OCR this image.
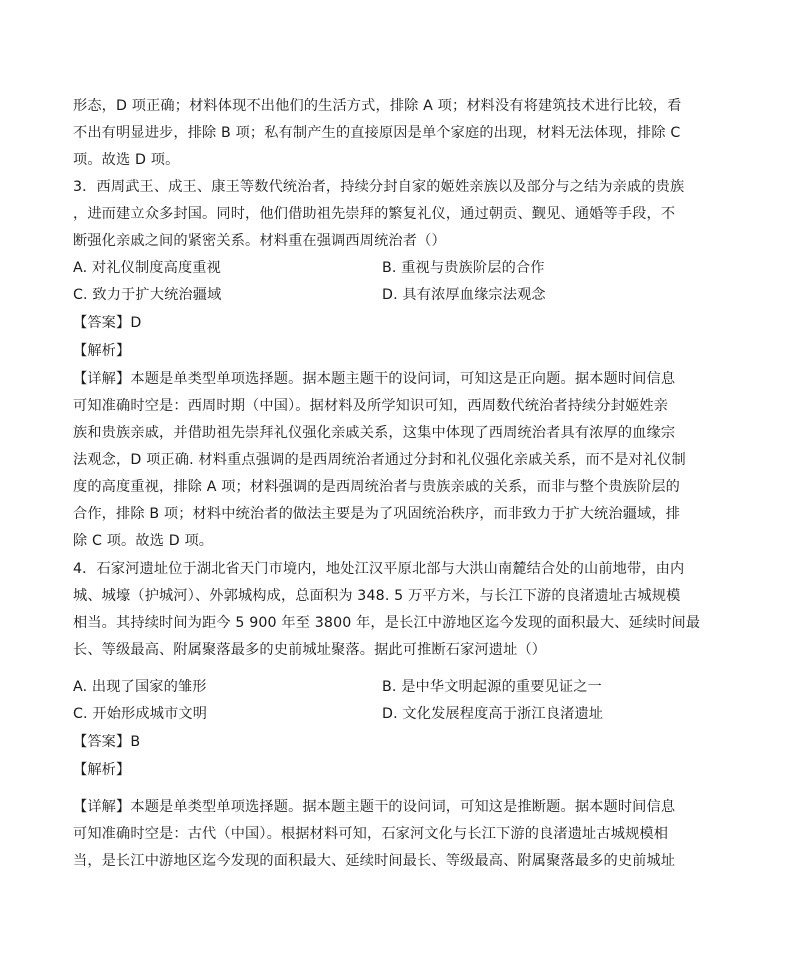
形态，D 项正确；材料体现不出他们的生活方式，排除 A 项；材料没有将建筑技术进行比较，看
不出有明显进步，排除 B 项；私有制产生的直接原因是单个家庭的出现，材料无法体现，排除 C
项。故选 D 项。
3．西周武王、成王、康王等数代统治者，持续分封自家的姬姓亲族以及部分与之结为亲戚的贵族
，进而建立众多封国。同时，他们借助祖先崇拜的繁复礼仪，通过朝贡、觐见、通婚等手段，不
断强化亲戚之间的紧密关系。材料重在强调西周统治者（）
A. 对礼仪制度高度重视	B. 重视与贵族阶层的合作
C. 致力于扩大统治疆域	D. 具有浓厚血缘宗法观念
【答案】D
【解析】
【详解】本题是单类型单项选择题。据本题主题干的设问词，可知这是正向题。据本题时间信息
可知准确时空是：西周时期（中国）。据材料及所学知识可知，西周数代统治者持续分封姬姓亲
族和贵族亲戚，并借助祖先崇拜礼仪强化亲戚关系，这集中体现了西周统治者具有浓厚的血缘宗
法观念，D 项正确. 材料重点强调的是西周统治者通过分封和礼仪强化亲戚关系，而不是对礼仪制
度的高度重视，排除 A 项；材料强调的是西周统治者与贵族亲戚的关系，而非与整个贵族阶层的
合作，排除 B 项；材料中统治者的做法主要是为了巩固统治秩序，而非致力于扩大统治疆域，排
除 C 项。故选 D 项。
4．石家河遗址位于湖北省天门市境内，地处江汉平原北部与大洪山南麓结合处的山前地带，由内
城、城壕（护城河）、外郭城构成，总面积为 348. 5 万平方米，与长江下游的良渚遗址古城规模
相当。其持续时间为距今 5 900 年至 3800 年，是长江中游地区迄今发现的面积最大、延续时间最
长、等级最高、附属聚落最多的史前城址聚落。据此可推断石家河遗址（）
A. 出现了国家的雏形	B. 是中华文明起源的重要见证之一
C. 开始形成城市文明	D. 文化发展程度高于浙江良渚遗址
【答案】B
【解析】
【详解】本题是单类型单项选择题。据本题主题干的设问词，可知这是推断题。据本题时间信息
可知准确时空是：古代（中国）。根据材料可知，石家河文化与长江下游的良渚遗址古城规模相
当，是长江中游地区迄今发现的面积最大、延续时间最长、等级最高、附属聚落最多的史前城址
